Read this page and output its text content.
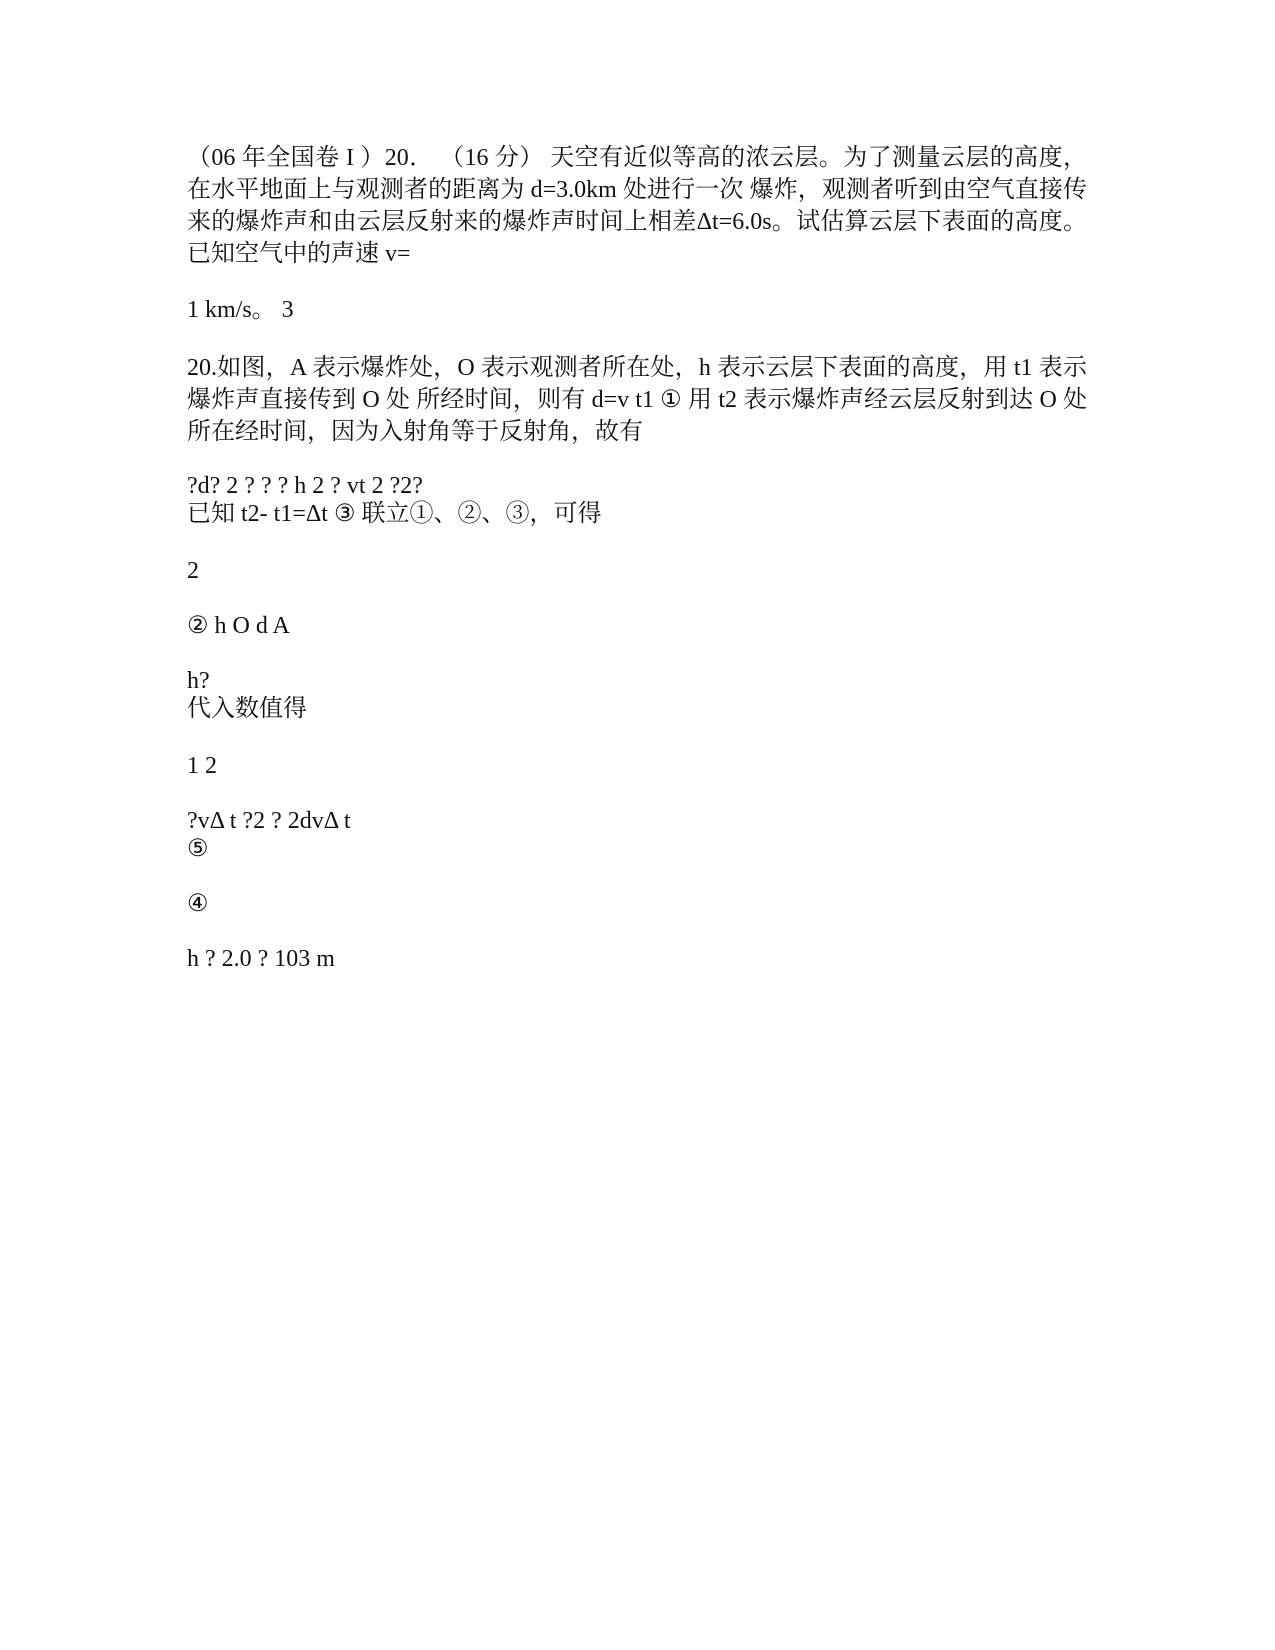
（06 年全国卷 I ）20． （16 分） 天空有近似等高的浓云层。为了测量云层的高度，在水平地面上与观测者的距离为 d=3.0km 处进行一次 爆炸，观测者听到由空气直接传来的爆炸声和由云层反射来的爆炸声时间上相差Δt=6.0s。试估算云层下表面的高度。已知空气中的声速 v=

1 km/s。 3

20.如图，A 表示爆炸处，O 表示观测者所在处，h 表示云层下表面的高度，用 t1 表示爆炸声直接传到 O 处 所经时间，则有 d=v t1 ① 用 t2 表示爆炸声经云层反射到达 O 处所在经时间，因为入射角等于反射角，故有

?d? 2 ? ? ? h 2 ? vt 2 ?2?

已知 t2- t1=Δt ③ 联立①、②、③，可得

2

② h O d A

h?

代入数值得

1 2

?vΔ t ?2 ? 2dvΔ t

⑤

④

h ? 2.0 ? 103 m
